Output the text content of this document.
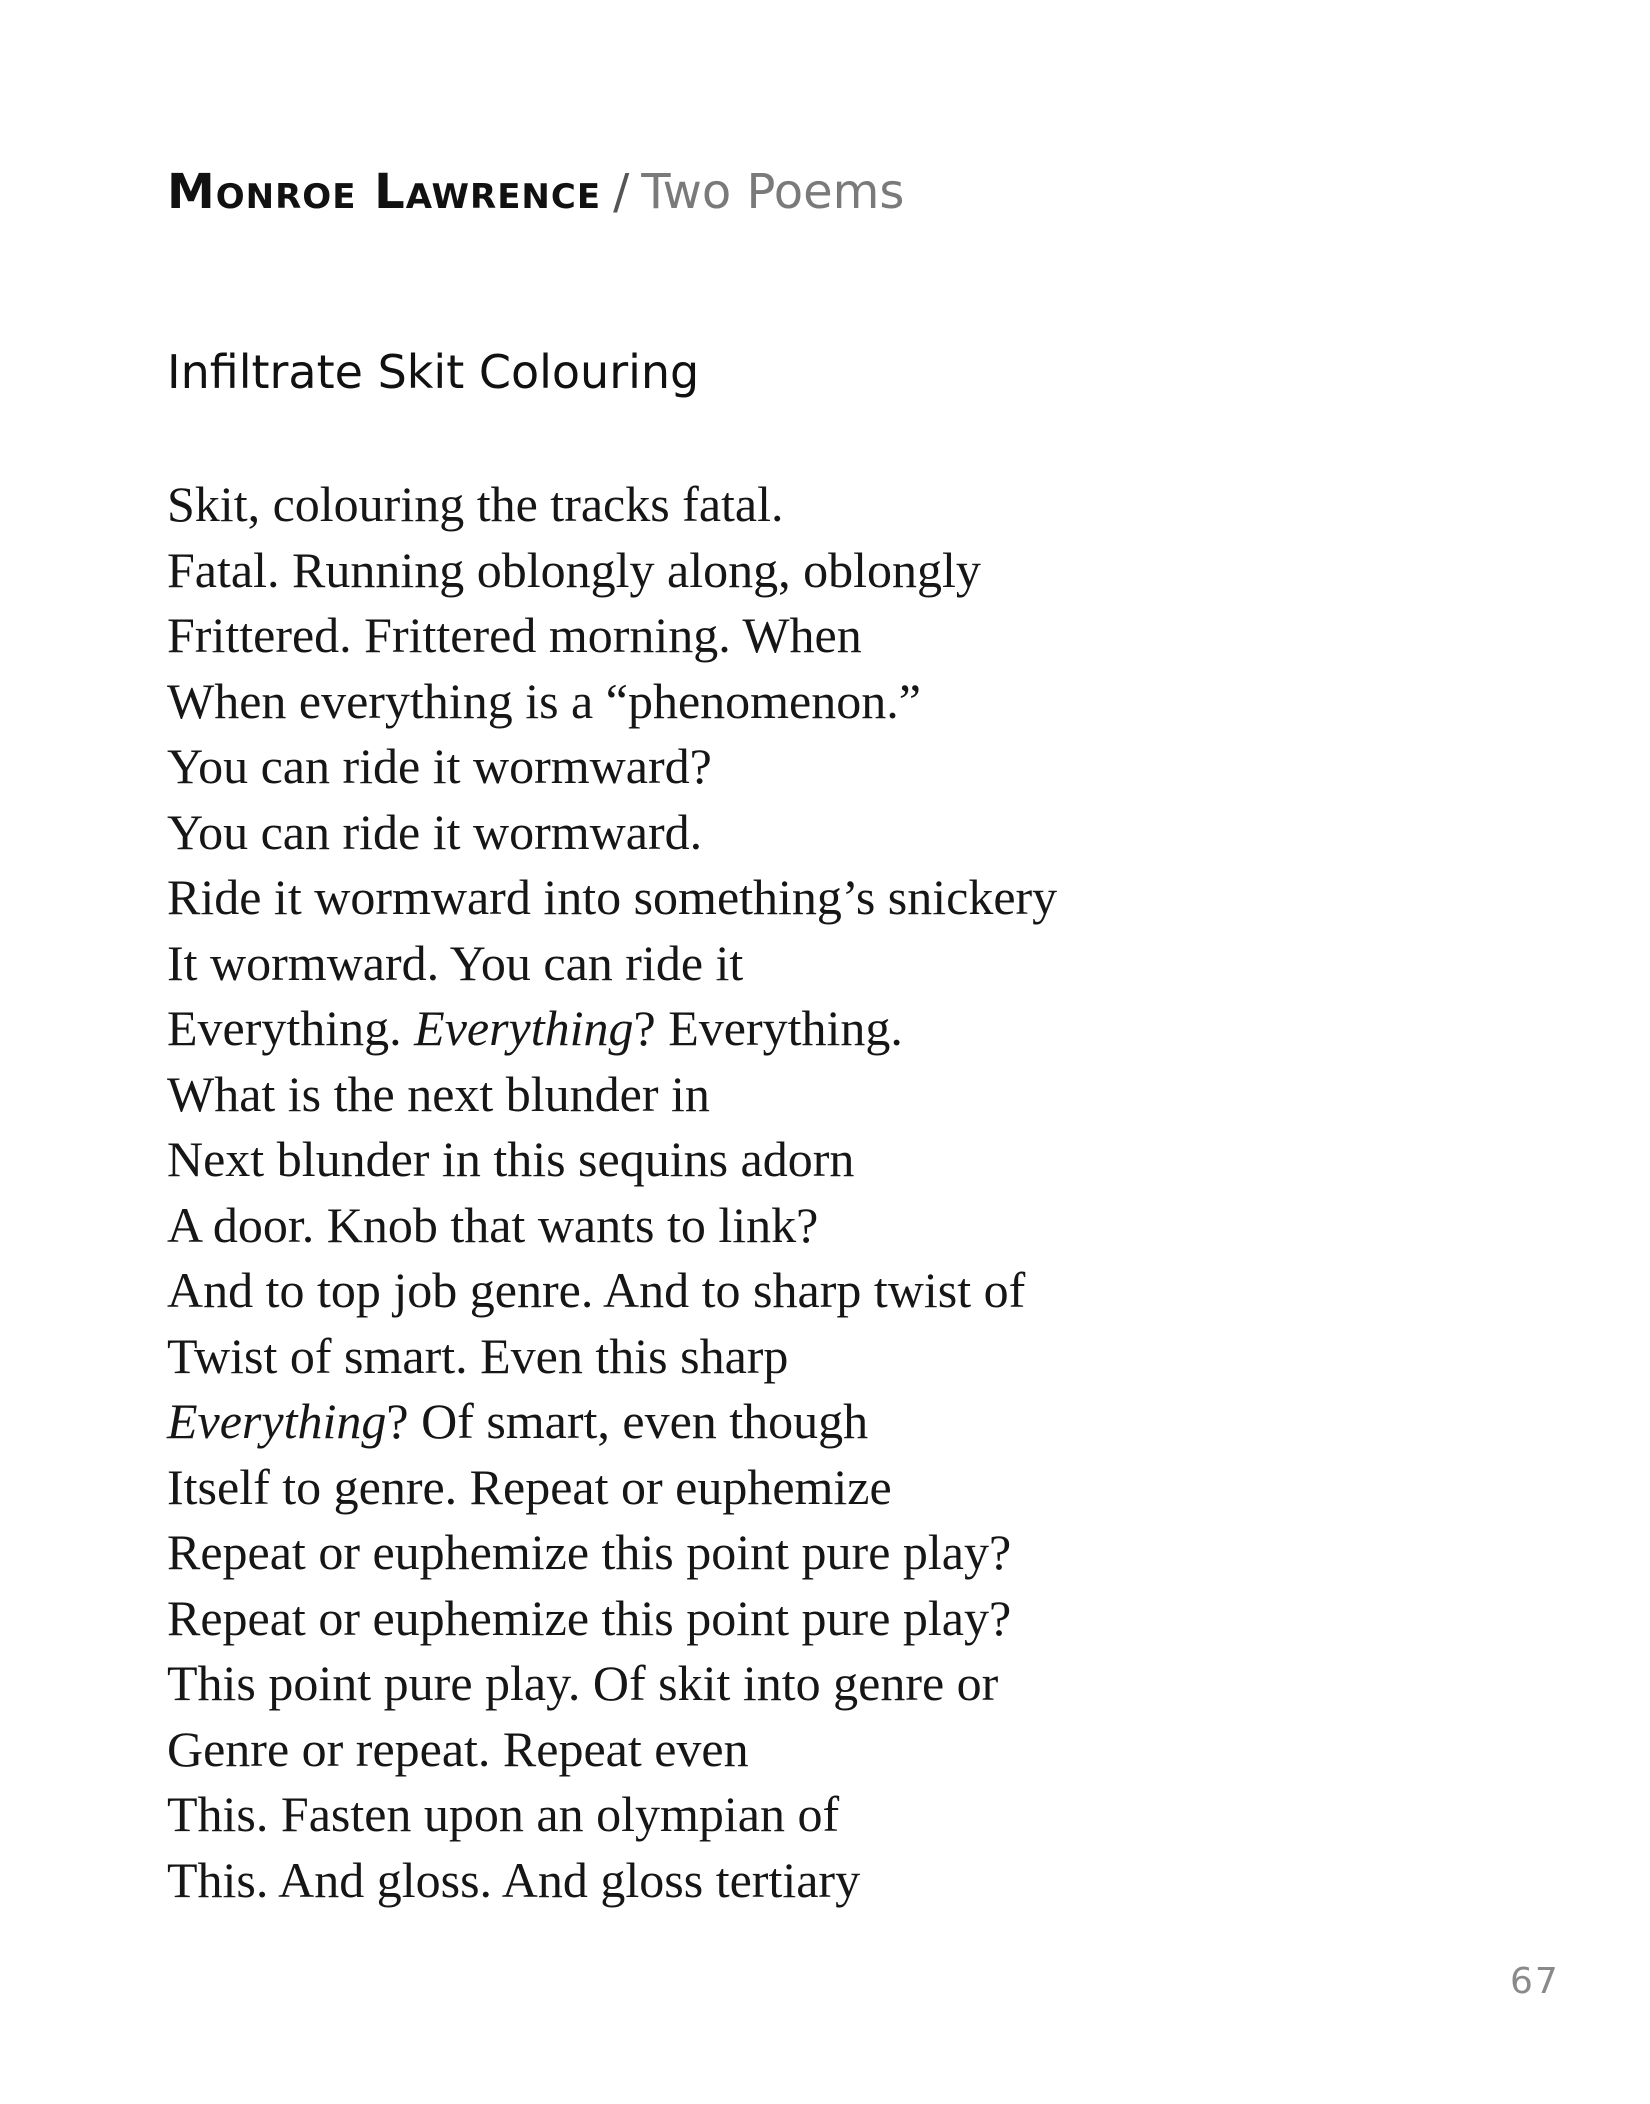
Monroe Lawrence / Two Poems
Infiltrate Skit Colouring
Skit, colouring the tracks fatal.
Fatal. Running oblongly along, oblongly
Frittered. Frittered morning. When
When everything is a “phenomenon.”
You can ride it wormward?
You can ride it wormward.
Ride it wormward into something’s snickery
It wormward. You can ride it
Everything. Everything? Everything.
What is the next blunder in
Next blunder in this sequins adorn
A door. Knob that wants to link?
And to top job genre. And to sharp twist of
Twist of smart. Even this sharp
Everything? Of smart, even though
Itself to genre. Repeat or euphemize
Repeat or euphemize this point pure play?
Repeat or euphemize this point pure play?
This point pure play. Of skit into genre or
Genre or repeat. Repeat even
This. Fasten upon an olympian of
This. And gloss. And gloss tertiary
67
